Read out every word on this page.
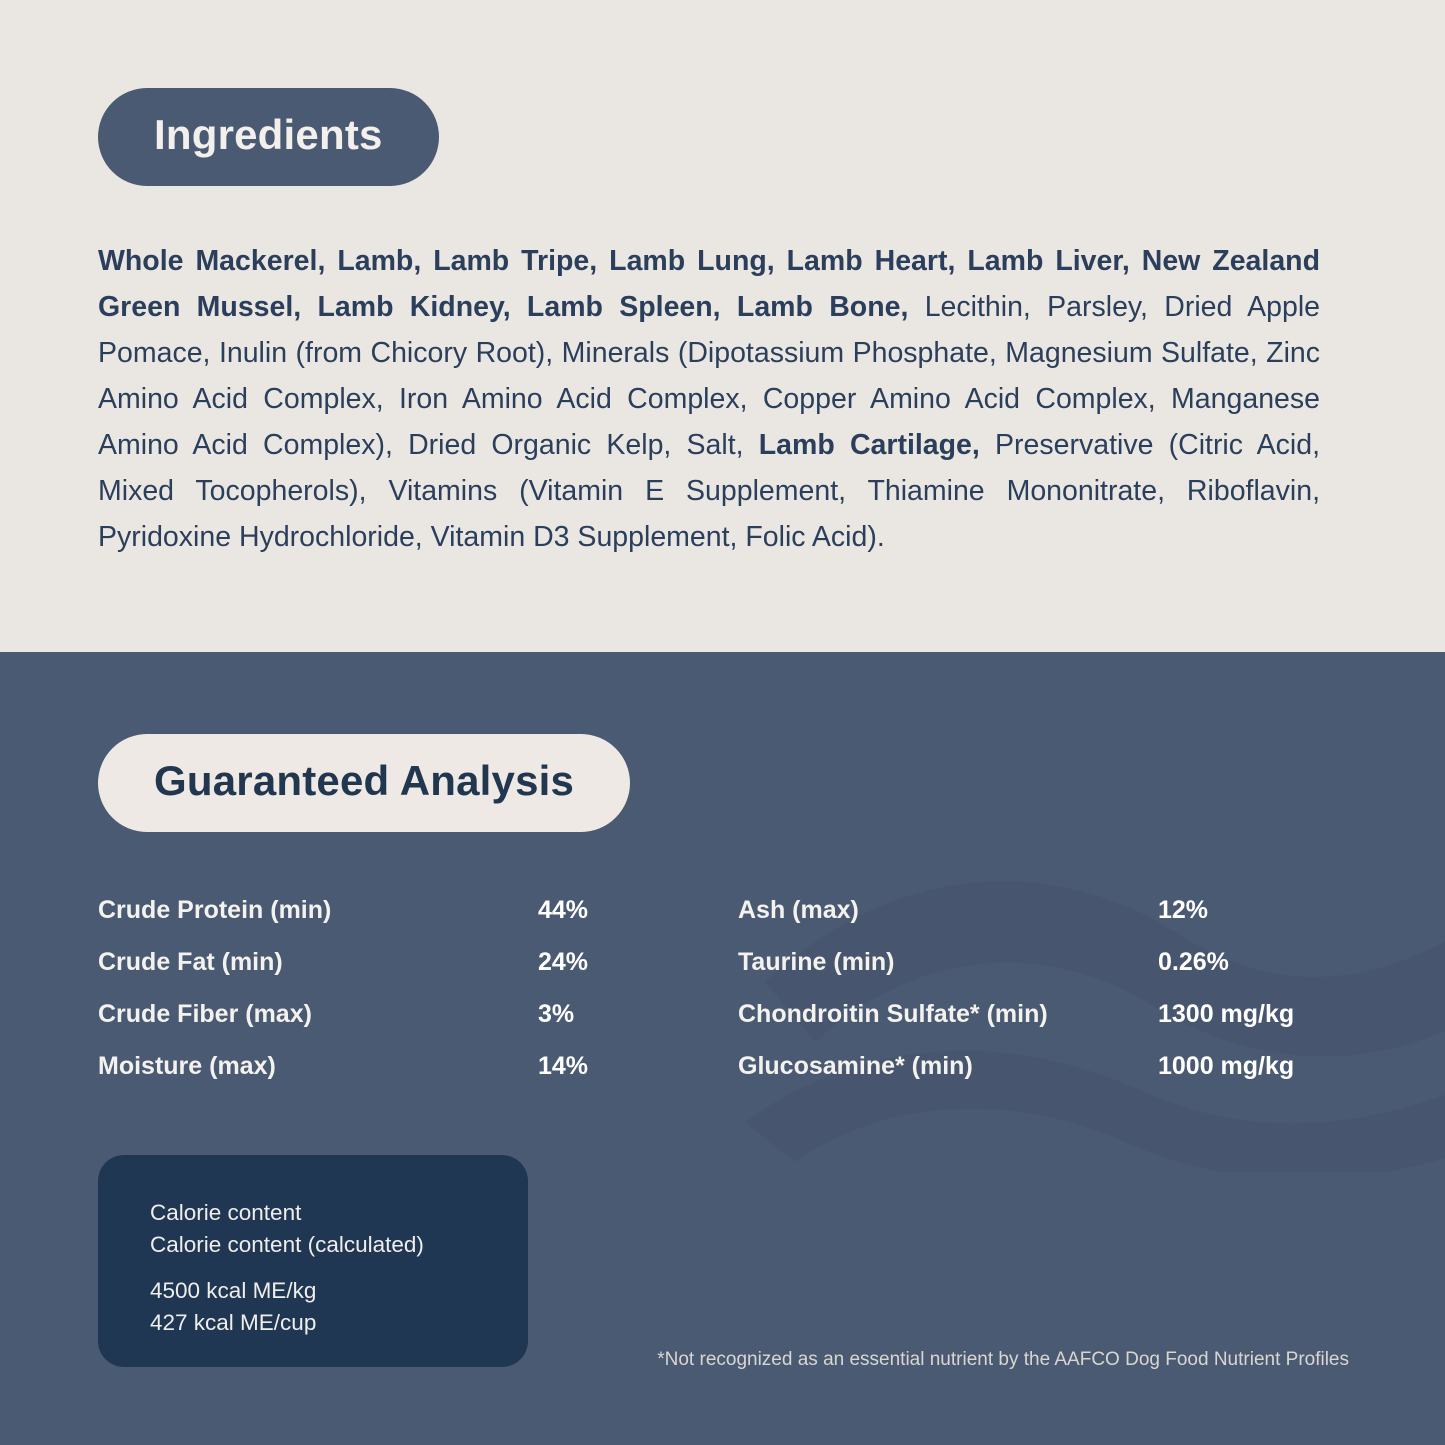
Ingredients

Whole Mackerel, Lamb, Lamb Tripe, Lamb Lung, Lamb Heart, Lamb Liver, New Zealand Green Mussel, Lamb Kidney, Lamb Spleen, Lamb Bone, Lecithin, Parsley, Dried Apple Pomace, Inulin (from Chicory Root), Minerals (Dipotassium Phosphate, Magnesium Sulfate, Zinc Amino Acid Complex, Iron Amino Acid Complex, Copper Amino Acid Complex, Manganese Amino Acid Complex), Dried Organic Kelp, Salt, Lamb Cartilage, Preservative (Citric Acid, Mixed Tocopherols), Vitamins (Vitamin E Supplement, Thiamine Mononitrate, Riboflavin, Pyridoxine Hydrochloride, Vitamin D3 Supplement, Folic Acid).

Guaranteed Analysis
Crude Protein (min)	44%	Ash (max)	12%
Crude Fat (min)	24%	Taurine (min)	0.26%
Crude Fiber (max)	3%	Chondroitin Sulfate* (min)	1300 mg/kg
Moisture (max)	14%	Glucosamine* (min)	1000 mg/kg
Calorie content
Calorie content (calculated)
4500 kcal ME/kg
427 kcal ME/cup
*Not recognized as an essential nutrient by the AAFCO Dog Food Nutrient Profiles
